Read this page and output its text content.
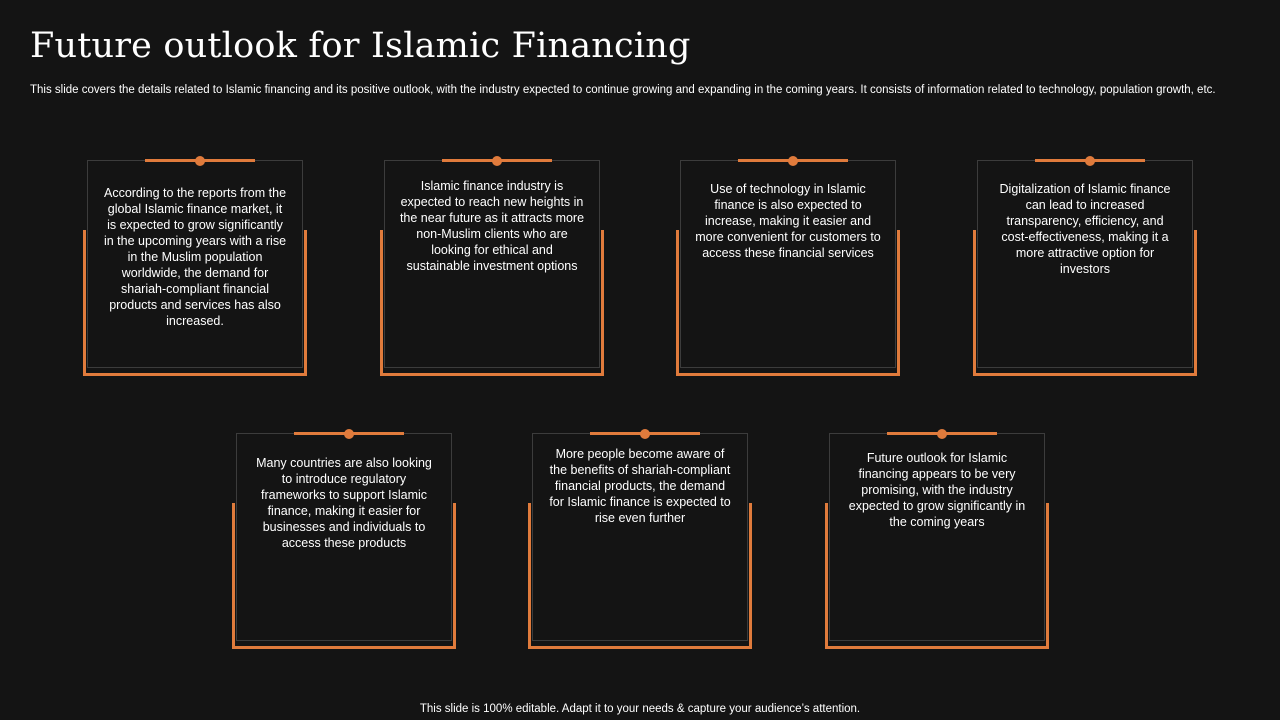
Future outlook for Islamic Financing

This slide covers the details related to Islamic financing and its positive outlook, with the industry expected to continue growing and expanding in the coming years. It consists of information related to technology, population growth, etc.

According to the reports from the global Islamic finance market, it is expected to grow significantly in the upcoming years with a rise in the Muslim population worldwide, the demand for shariah-compliant financial products and services has also increased.

Islamic finance industry is expected to reach new heights in the near future as it attracts more non-Muslim clients who are looking for ethical and sustainable investment options

Use of technology in Islamic finance is also expected to increase, making it easier and more convenient for customers to access these financial services

Digitalization of Islamic finance can lead to increased transparency, efficiency, and cost-effectiveness, making it a more attractive option for investors

Many countries are also looking to introduce regulatory frameworks to support Islamic finance, making it easier for businesses and individuals to access these products

More people become aware of the benefits of shariah-compliant financial products, the demand for Islamic finance is expected to rise even further

Future outlook for Islamic financing appears to be very promising, with the industry expected to grow significantly in the coming years

This slide is 100% editable. Adapt it to your needs & capture your audience’s attention.
